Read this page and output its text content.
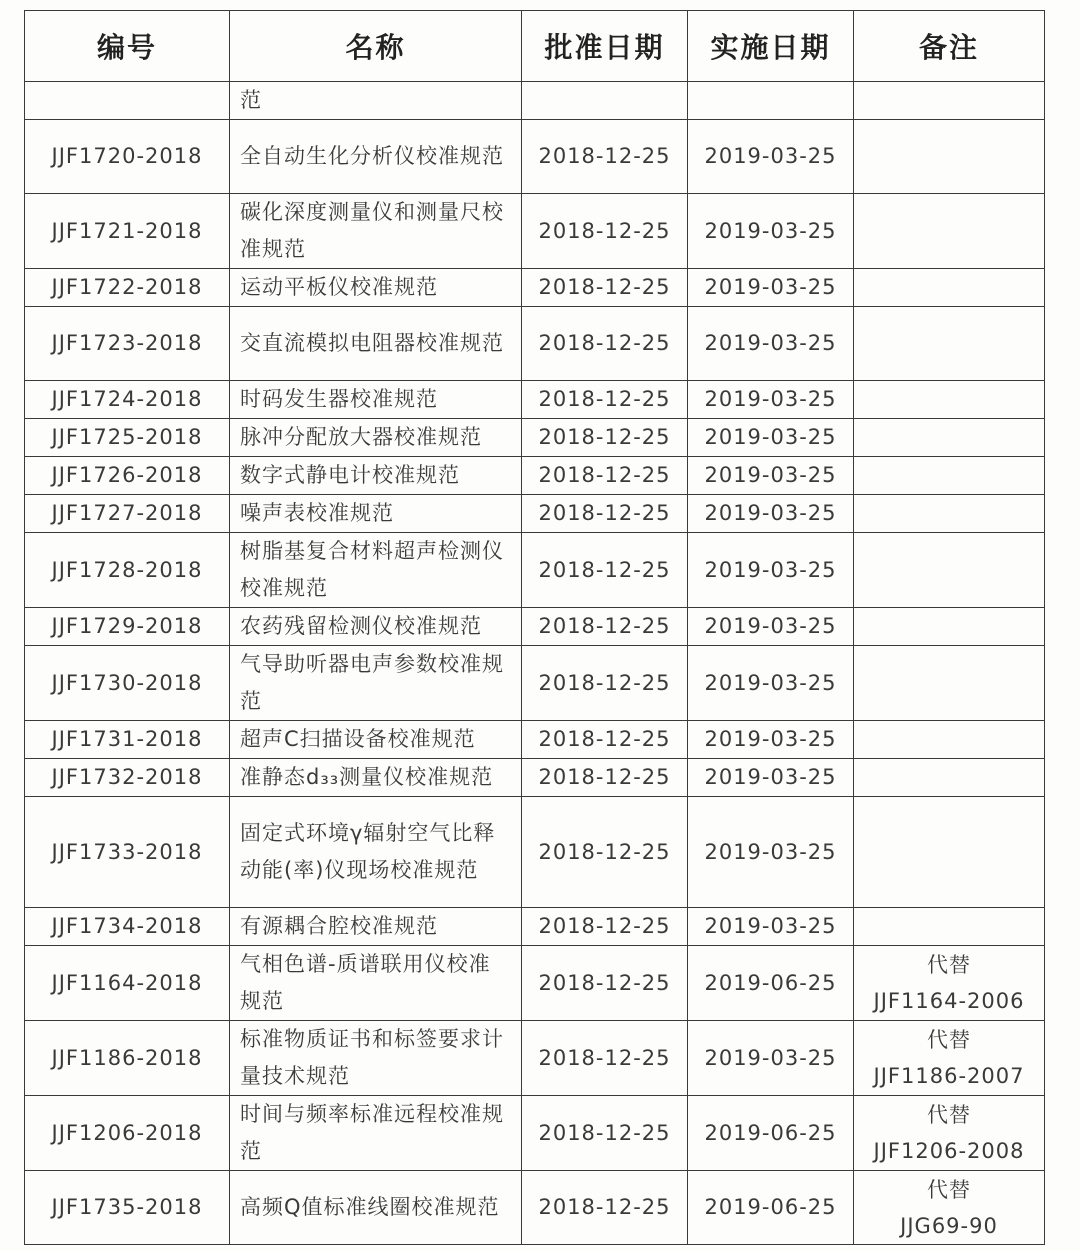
编号	名称	批准日期	实施日期	备注
	范			

JJF1720-2018	全自动生化分析仪校准规范	2018-12-25	2019-03-25	

JJF1721-2018	碳化深度测量仪和测量尺校准规范	2018-12-25	2019-03-25	

JJF1722-2018	运动平板仪校准规范	2018-12-25	2019-03-25	

JJF1723-2018	交直流模拟电阻器校准规范	2018-12-25	2019-03-25	

JJF1724-2018	时码发生器校准规范	2018-12-25	2019-03-25	

JJF1725-2018	脉冲分配放大器校准规范	2018-12-25	2019-03-25	

JJF1726-2018	数字式静电计校准规范	2018-12-25	2019-03-25	

JJF1727-2018	噪声表校准规范	2018-12-25	2019-03-25	

JJF1728-2018	树脂基复合材料超声检测仪校准规范	2018-12-25	2019-03-25	

JJF1729-2018	农药残留检测仪校准规范	2018-12-25	2019-03-25	

JJF1730-2018	气导助听器电声参数校准规范	2018-12-25	2019-03-25	

JJF1731-2018	超声C扫描设备校准规范	2018-12-25	2019-03-25	

JJF1732-2018	准静态d₃₃测量仪校准规范	2018-12-25	2019-03-25	

JJF1733-2018	固定式环境γ辐射空气比释动能(率)仪现场校准规范	2018-12-25	2019-03-25	

JJF1734-2018	有源耦合腔校准规范	2018-12-25	2019-03-25	

JJF1164-2018	气相色谱-质谱联用仪校准规范	2018-12-25	2019-06-25	代替
JJF1164-2006

JJF1186-2018	标准物质证书和标签要求计量技术规范	2018-12-25	2019-03-25	代替
JJF1186-2007

JJF1206-2018	时间与频率标准远程校准规范	2018-12-25	2019-06-25	代替
JJF1206-2008

JJF1735-2018	高频Q值标准线圈校准规范	2018-12-25	2019-06-25	代替
JJG69-90
